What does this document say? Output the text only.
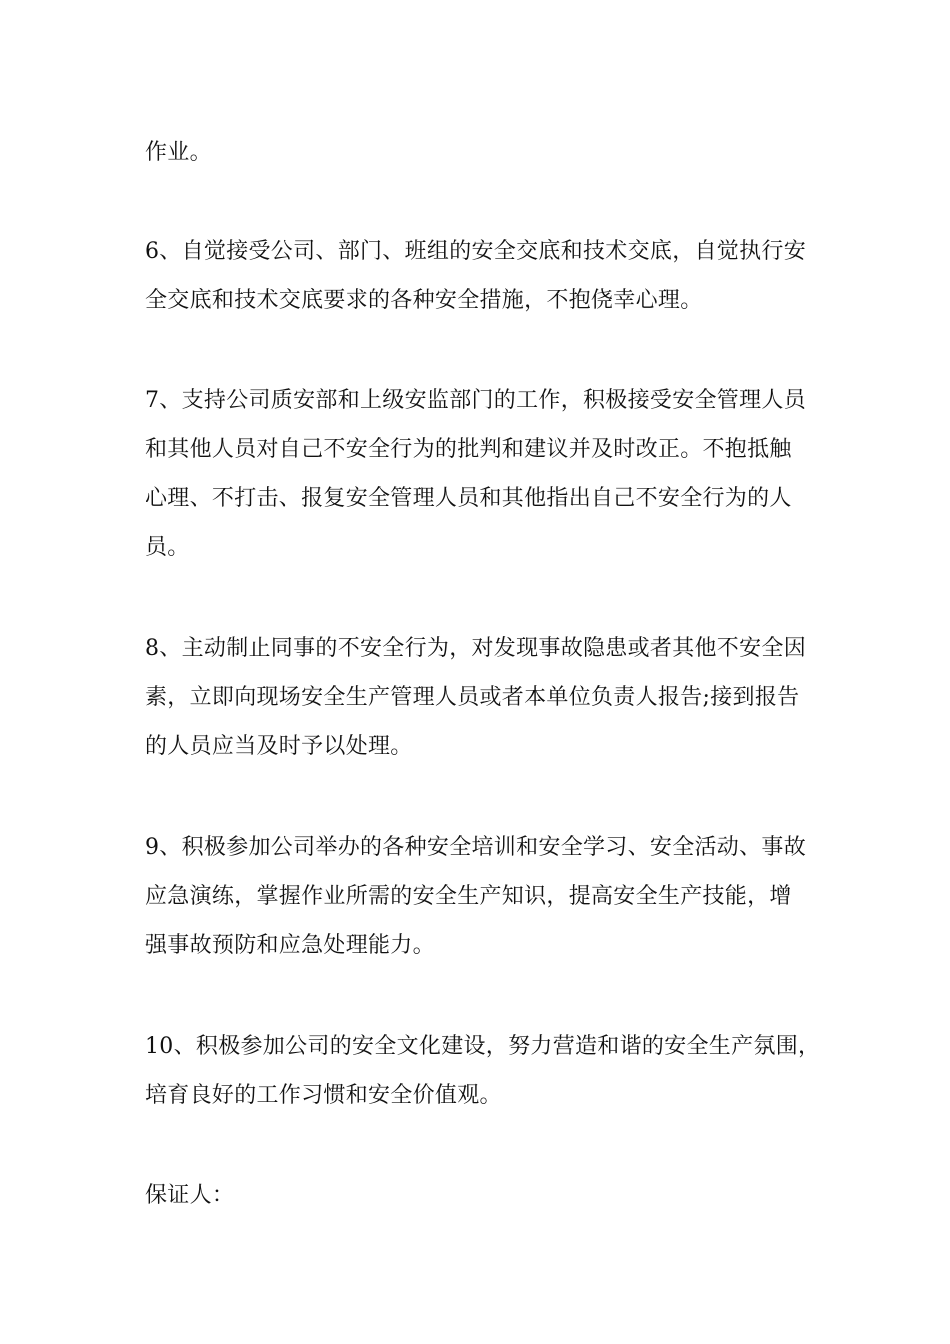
作业。

6、自觉接受公司、部门、班组的安全交底和技术交底，自觉执行安
全交底和技术交底要求的各种安全措施，不抱侥幸心理。

7、支持公司质安部和上级安监部门的工作，积极接受安全管理人员
和其他人员对自己不安全行为的批判和建议并及时改正。不抱抵触
心理、不打击、报复安全管理人员和其他指出自己不安全行为的人
员。

8、主动制止同事的不安全行为，对发现事故隐患或者其他不安全因
素，立即向现场安全生产管理人员或者本单位负责人报告;接到报告
的人员应当及时予以处理。

9、积极参加公司举办的各种安全培训和安全学习、安全活动、事故
应急演练，掌握作业所需的安全生产知识，提高安全生产技能，增
强事故预防和应急处理能力。

10、积极参加公司的安全文化建设，努力营造和谐的安全生产氛围，
培育良好的工作习惯和安全价值观。

保证人：
